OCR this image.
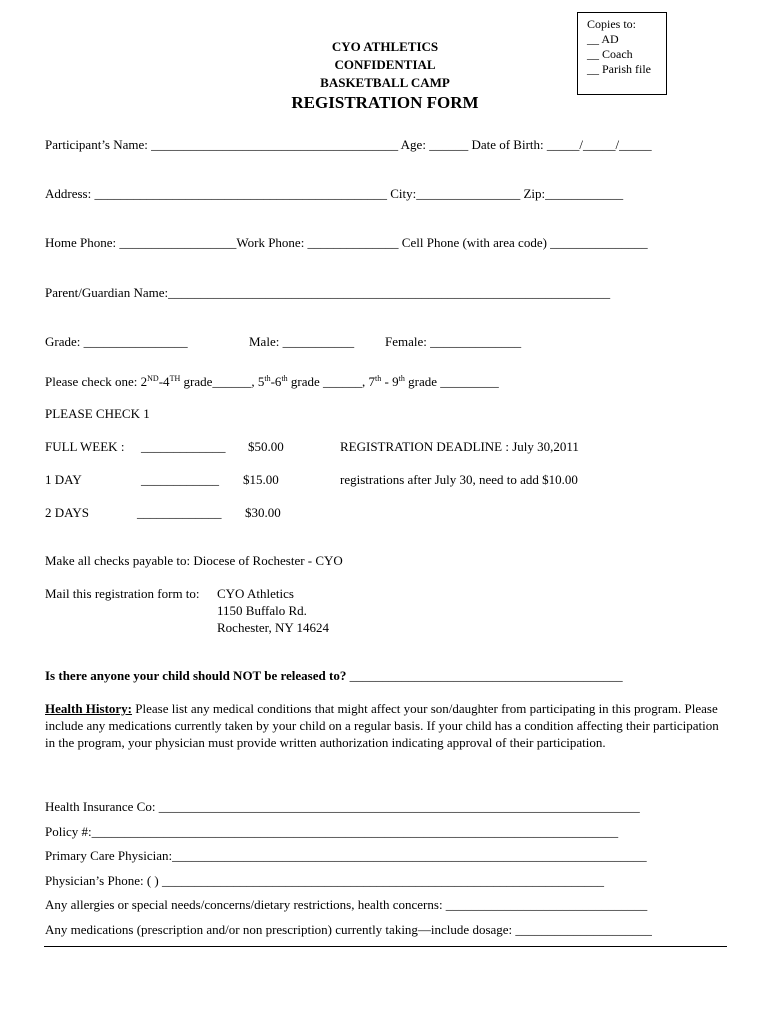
Copies to:
__ AD
__ Coach
__ Parish file
CYO ATHLETICS
CONFIDENTIAL
BASKETBALL CAMP
REGISTRATION FORM
Participant’s Name: ______________________________________ Age: ______ Date of Birth: _____/_____/_____
Address: _____________________________________________ City:________________ Zip:____________
Home Phone: __________________Work Phone: ______________ Cell Phone (with area code) _______________
Parent/Guardian Name:____________________________________________________________________
Grade: ________________	Male: ___________ Female: ______________
Please check one: 2ND-4TH grade______, 5th-6th grade ______, 7th - 9th grade _________
PLEASE CHECK 1
FULL WEEK : _____________ $50.00	REGISTRATION DEADLINE : July 30,2011
1 DAY	____________ $15.00	registrations after July 30, need to add $10.00
2 DAYS	_____________ $30.00
Make all checks payable to: Diocese of Rochester - CYO
Mail this registration form to: CYO Athletics
1150 Buffalo Rd.
Rochester, NY 14624
Is there anyone your child should NOT be released to? __________________________________________
Health History: Please list any medical conditions that might affect your son/daughter from participating in this program. Please include any medications currently taken by your child on a regular basis. If your child has a condition affecting their participation in the program, your physician must provide written authorization indicating approval of their participation.
Health Insurance Co: __________________________________________________________________________
Policy #:_________________________________________________________________________________
Primary Care Physician:_________________________________________________________________________
Physician’s Phone: ( ) ____________________________________________________________________
Any allergies or special needs/concerns/dietary restrictions, health concerns: _______________________________
Any medications (prescription and/or non prescription) currently taking—include dosage: _____________________
